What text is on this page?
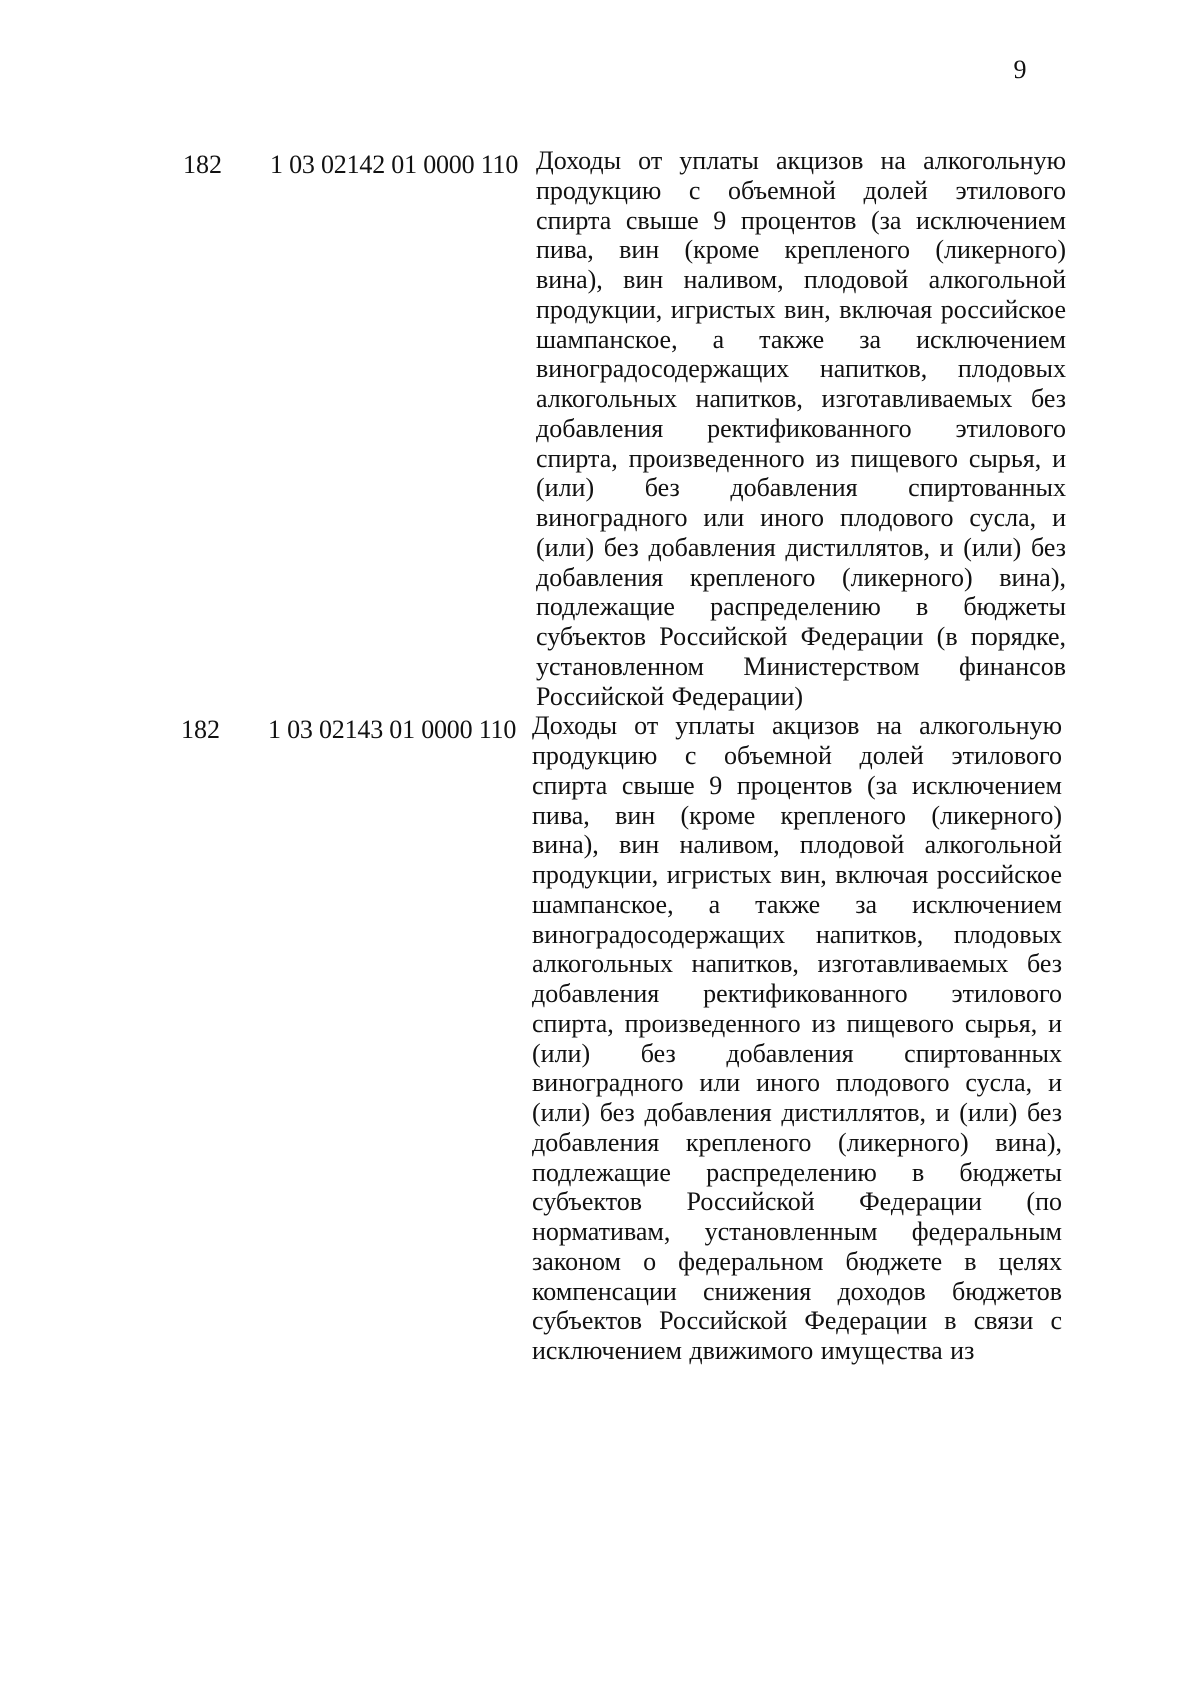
9
182	1 03 02142 01 0000 110 Доходы от уплаты акцизов на алкогольную продукцию с объемной долей этилового спирта свыше 9 процентов (за исключением пива, вин (кроме крепленого (ликерного) вина), вин наливом, плодовой алкогольной продукции, игристых вин, включая российское шампанское, а также за исключением виноградосодержащих напитков, плодовых алкогольных напитков, изготавливаемых без добавления ректификованного этилового спирта, произведенного из пищевого сырья, и (или) без добавления спиртованных виноградного или иного плодового сусла, и (или) без добавления дистиллятов, и (или) без добавления крепленого (ликерного) вина), подлежащие распределению в бюджеты субъектов Российской Федерации (в порядке, установленном Министерством финансов Российской Федерации)
182	1 03 02143 01 0000 110 Доходы от уплаты акцизов на алкогольную продукцию с объемной долей этилового спирта свыше 9 процентов (за исключением пива, вин (кроме крепленого (ликерного) вина), вин наливом, плодовой алкогольной продукции, игристых вин, включая российское шампанское, а также за исключением виноградосодержащих напитков, плодовых алкогольных напитков, изготавливаемых без добавления ректификованного этилового спирта, произведенного из пищевого сырья, и (или) без добавления спиртованных виноградного или иного плодового сусла, и (или) без добавления дистиллятов, и (или) без добавления крепленого (ликерного) вина), подлежащие распределению в бюджеты субъектов Российской Федерации (по нормативам, установленным федеральным законом о федеральном бюджете в целях компенсации снижения доходов бюджетов субъектов Российской Федерации в связи с исключением движимого имущества из
